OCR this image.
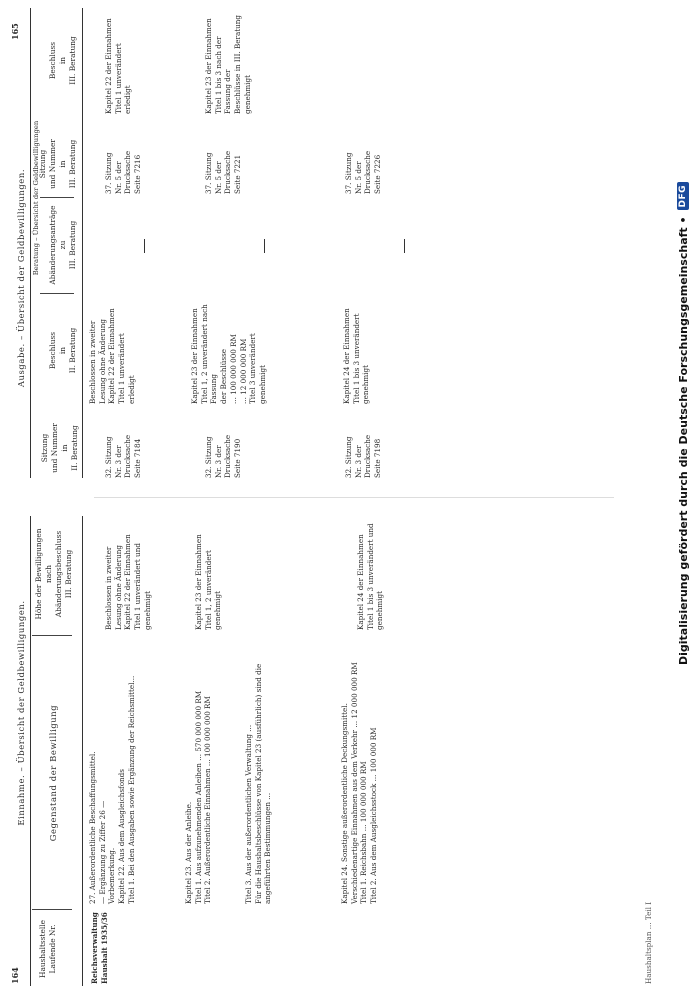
164
165
Einnahme. – Übersicht der Geldbewilligungen.
Ausgabe. – Übersicht der Geldbewilligungen.
Haushaltsstelle
Laufende Nr.
Gegenstand der Bewilligung
Höhe der Bewilligungen
nach
Abänderungsbeschluss
III. Beratung
Beratung – Übersicht der Geldbewilligungen
Sitzung
und Nummer
in
II. Beratung
Beschluss
in
II. Beratung
Abänderungsanträge
zu
III. Beratung
Sitzung
und Nummer
in
III. Beratung
Beschluss
in
III. Beratung
Reichsverwaltung
Haushalt 1935/36
27. Außerordentliche Beschaffungsmittel.
— Ergänzung zu Ziffer 26 —
Vorbemerkung.
Kapitel 22. Aus dem Ausgleichsfonds
Titel 1. Bei den Ausgaben sowie Ergänzung der Reichsmittel...
Beschlossen in zweiter Lesung ohne Änderung
Kapitel 22 der Einnahmen
Titel 1 unverändert und genehmigt
Kapitel 23. Aus der Anleihe.
Titel 1. Aus aufzunehmenden Anleihen ... 570 000 000 RM
Titel 2. Außerordentliche Einnahmen ... 100 000 000 RM
Kapitel 23 der Einnahmen
Titel 1, 2 unverändert genehmigt
Titel 3. Aus der außerordentlichen Verwaltung ...
Für die Haushaltsbeschlüsse von Kapitel 23 (ausführlich) sind die angeführten Bestimmungen ...
Kapitel 24. Sonstige außerordentliche Deckungsmittel.
Verschiedenartige Einnahmen aus dem Verkehr ... 12 000 000 RM
Titel 1. Reichsbahn ... 100 000 000 RM
Titel 2. Aus dem Ausgleichsstock ... 100 000 RM
Kapitel 24 der Einnahmen
Titel 1 bis 3 unverändert und genehmigt
32. Sitzung
Nr. 3 der
Drucksache
Seite 7184
Beschlossen in zweiter Lesung ohne Änderung
Kapitel 22 der Einnahmen
Titel 1 unverändert
erledigt
37. Sitzung
Nr. 5 der
Drucksache
Seite 7216
Kapitel 22 der Einnahmen
Titel 1 unverändert
erledigt
32. Sitzung
Nr. 3 der
Drucksache
Seite 7190
Kapitel 23 der Einnahmen
Titel 1, 2 unverändert nach Fassung
der Beschlüsse
... 100 000 000 RM
... 12 000 000 RM
Titel 3 unverändert
genehmigt
37. Sitzung
Nr. 5 der
Drucksache
Seite 7221
Kapitel 23 der Einnahmen
Titel 1 bis 3 nach der Fassung der
Beschlüsse in III. Beratung
genehmigt
32. Sitzung
Nr. 3 der
Drucksache
Seite 7198
Kapitel 24 der Einnahmen
Titel 1 bis 3 unverändert
genehmigt
37. Sitzung
Nr. 5 der
Drucksache
Seite 7226
Haushaltsplan ... Teil I
Digitalisierung gefördert durch die Deutsche Forschungsgemeinschaft •
DFG
